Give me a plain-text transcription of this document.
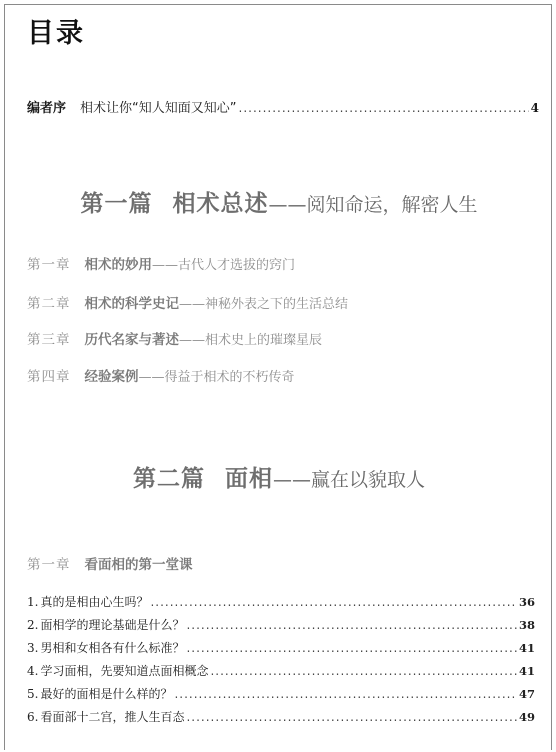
目录
编者序 相术让你“知人知面又知心” .....	4
第一篇 相术总述——阅知命运，解密人生
第一章 相术的妙用——古代人才选拔的窍门
第二章 相术的科学史记——神秘外表之下的生活总结
第三章 历代名家与著述——相术史上的璀璨星辰
第四章 经验案例——得益于相术的不朽传奇
第二篇 面相——赢在以貌取人
第一章 看面相的第一堂课
1. 真的是相由心生吗？ .....	36
2. 面相学的理论基础是什么？ .....	38
3. 男相和女相各有什么标准？ .....	41
4. 学习面相，先要知道点面相概念 .....	41
5. 最好的面相是什么样的？ .....	47
6. 看面部十二宫，推人生百态 .....	49
